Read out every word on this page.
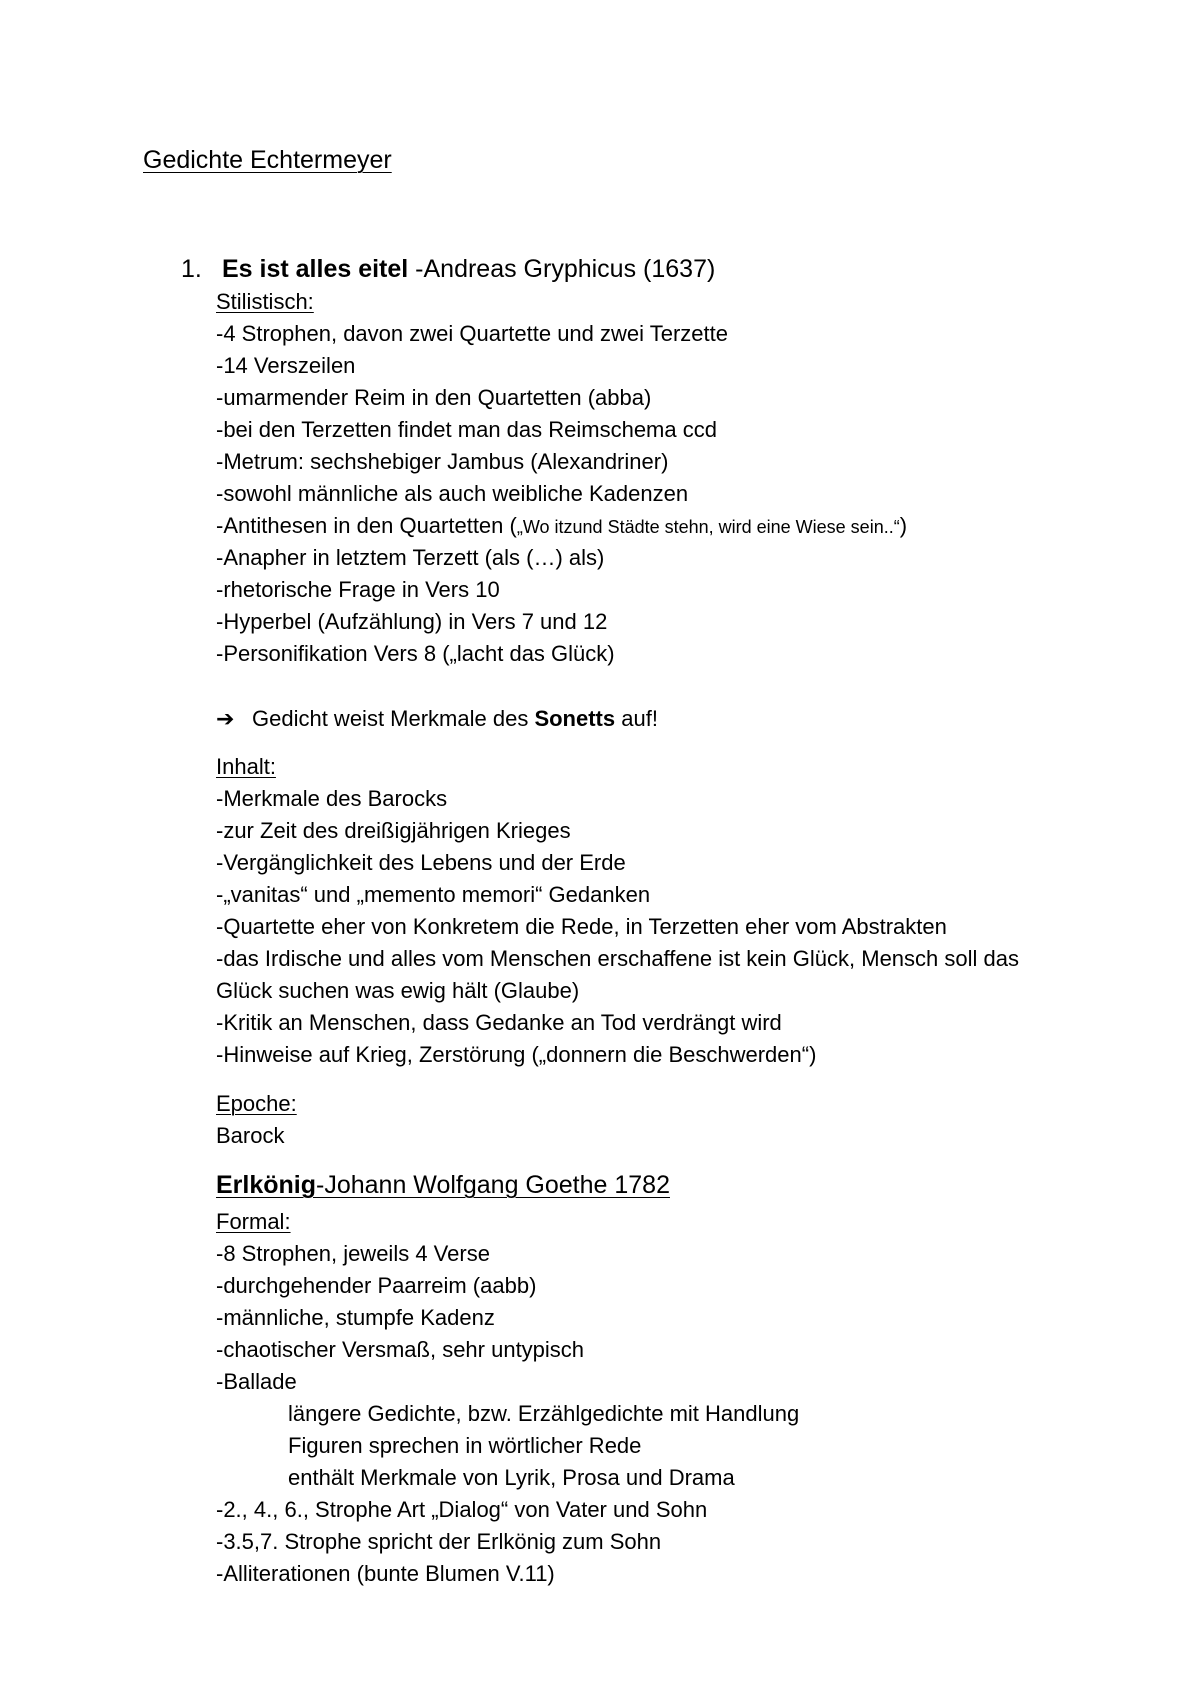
Gedichte Echtermeyer
1. Es ist alles eitel -Andreas Gryphicus (1637)
Stilistisch:
-4 Strophen, davon zwei Quartette und zwei Terzette
-14 Verszeilen
-umarmender Reim in den Quartetten (abba)
-bei den Terzetten findet man das Reimschema ccd
-Metrum: sechshebiger Jambus (Alexandriner)
-sowohl männliche als auch weibliche Kadenzen
-Antithesen in den Quartetten („Wo itzund Städte stehn, wird eine Wiese sein..“)
-Anapher in letztem Terzett (als (…) als)
-rhetorische Frage in Vers 10
-Hyperbel (Aufzählung) in Vers 7 und 12
-Personifikation Vers 8 („lacht das Glück)
➔ Gedicht weist Merkmale des Sonetts auf!
Inhalt:
-Merkmale des Barocks
-zur Zeit des dreißigjährigen Krieges
-Vergänglichkeit des Lebens und der Erde
-„vanitas“ und „memento memori“ Gedanken
-Quartette eher von Konkretem die Rede, in Terzetten eher vom Abstrakten
-das Irdische und alles vom Menschen erschaffene ist kein Glück, Mensch soll das
Glück suchen was ewig hält (Glaube)
-Kritik an Menschen, dass Gedanke an Tod verdrängt wird
-Hinweise auf Krieg, Zerstörung („donnern die Beschwerden“)
Epoche:
Barock
Erlkönig-Johann Wolfgang Goethe 1782
Formal:
-8 Strophen, jeweils 4 Verse
-durchgehender Paarreim (aabb)
-männliche, stumpfe Kadenz
-chaotischer Versmaß, sehr untypisch
-Ballade
längere Gedichte, bzw. Erzählgedichte mit Handlung
Figuren sprechen in wörtlicher Rede
enthält Merkmale von Lyrik, Prosa und Drama
-2., 4., 6., Strophe Art „Dialog“ von Vater und Sohn
-3.5,7. Strophe spricht der Erlkönig zum Sohn
-Alliterationen (bunte Blumen V.11)
